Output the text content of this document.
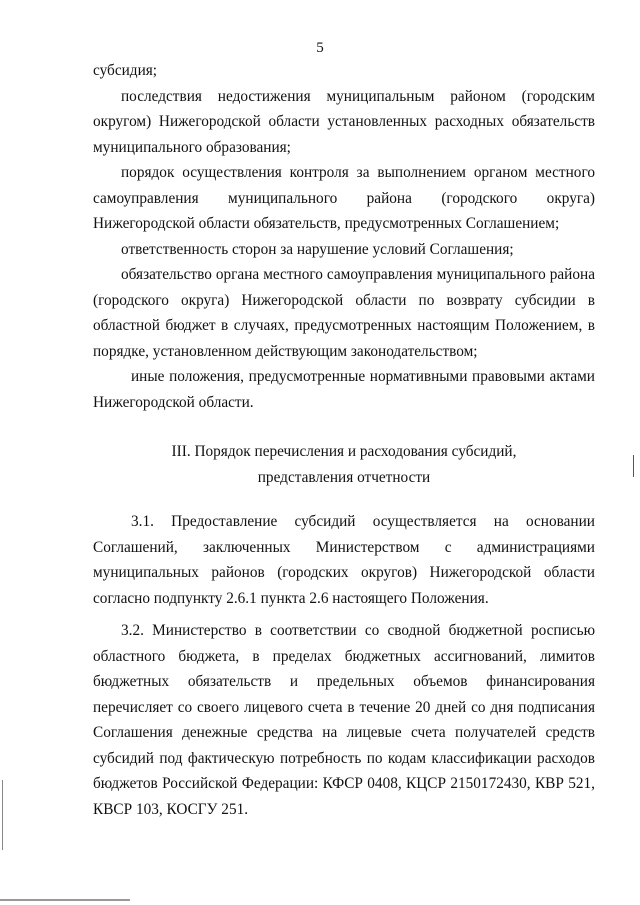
5

субсидия;

последствия недостижения муниципальным районом (городским округом) Нижегородской области установленных расходных обязательств муниципального образования;

порядок осуществления контроля за выполнением органом местного самоуправления муниципального района (городского округа) Нижегородской области обязательств, предусмотренных Соглашением;

ответственность сторон за нарушение условий Соглашения;

обязательство органа местного самоуправления муниципального района (городского округа) Нижегородской области по возврату субсидии в областной бюджет в случаях, предусмотренных настоящим Положением, в порядке, установленном действующим законодательством;

иные положения, предусмотренные нормативными правовыми актами Нижегородской области.

III. Порядок перечисления и расходования субсидий,
представления отчетности

3.1. Предоставление субсидий осуществляется на основании Соглашений, заключенных Министерством с администрациями муниципальных районов (городских округов) Нижегородской области согласно подпункту 2.6.1 пункта 2.6 настоящего Положения.

3.2. Министерство в соответствии со сводной бюджетной росписью областного бюджета, в пределах бюджетных ассигнований, лимитов бюджетных обязательств и предельных объемов финансирования перечисляет со своего лицевого счета в течение 20 дней со дня подписания Соглашения денежные средства на лицевые счета получателей средств субсидий под фактическую потребность по кодам классификации расходов бюджетов Российской Федерации: КФСР 0408, КЦСР 2150172430, КВР 521, КВСР 103, КОСГУ 251.
